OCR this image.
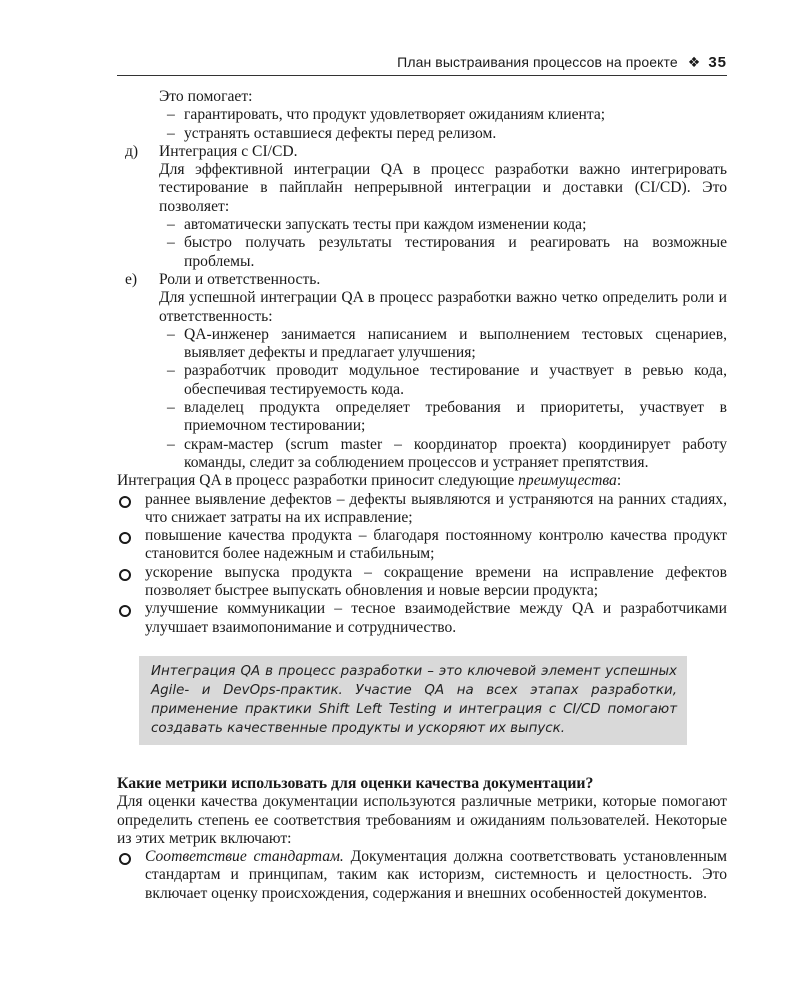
План выстраивания процессов на проекте ❖ 35

Это помогает:

– гарантировать, что продукт удовлетворяет ожиданиям клиента;

– устранять оставшиеся дефекты перед релизом.

д) Интеграция с CI/CD.

Для эффективной интеграции QA в процесс разработки важно интегрировать тестирование в пайплайн непрерывной интеграции и доставки (CI/CD). Это позволяет:

– автоматически запускать тесты при каждом изменении кода;

– быстро получать результаты тестирования и реагировать на возможные проблемы.

е) Роли и ответственность.

Для успешной интеграции QA в процесс разработки важно четко определить роли и ответственность:

– QA-инженер занимается написанием и выполнением тестовых сценариев, выявляет дефекты и предлагает улучшения;

– разработчик проводит модульное тестирование и участвует в ревью кода, обеспечивая тестируемость кода.

– владелец продукта определяет требования и приоритеты, участвует в приемочном тестировании;

– скрам-мастер (scrum master – координатор проекта) координирует работу команды, следит за соблюдением процессов и устраняет препятствия.

Интеграция QA в процесс разработки приносит следующие преимущества:

раннее выявление дефектов – дефекты выявляются и устраняются на ранних стадиях, что снижает затраты на их исправление;

повышение качества продукта – благодаря постоянному контролю качества продукт становится более надежным и стабильным;

ускорение выпуска продукта – сокращение времени на исправление дефектов позволяет быстрее выпускать обновления и новые версии продукта;

улучшение коммуникации – тесное взаимодействие между QA и разработчиками улучшает взаимопонимание и сотрудничество.

Интеграция QA в процесс разработки – это ключевой элемент успешных Agile- и DevOps-практик. Участие QA на всех этапах разработки, применение практики Shift Left Testing и интеграция с CI/CD помогают создавать качественные продукты и ускоряют их выпуск.

Какие метрики использовать для оценки качества документации?

Для оценки качества документации используются различные метрики, которые помогают определить степень ее соответствия требованиям и ожиданиям пользователей. Некоторые из этих метрик включают:

Соответствие стандартам. Документация должна соответствовать установленным стандартам и принципам, таким как историзм, системность и целостность. Это включает оценку происхождения, содержания и внешних особенностей документов.
